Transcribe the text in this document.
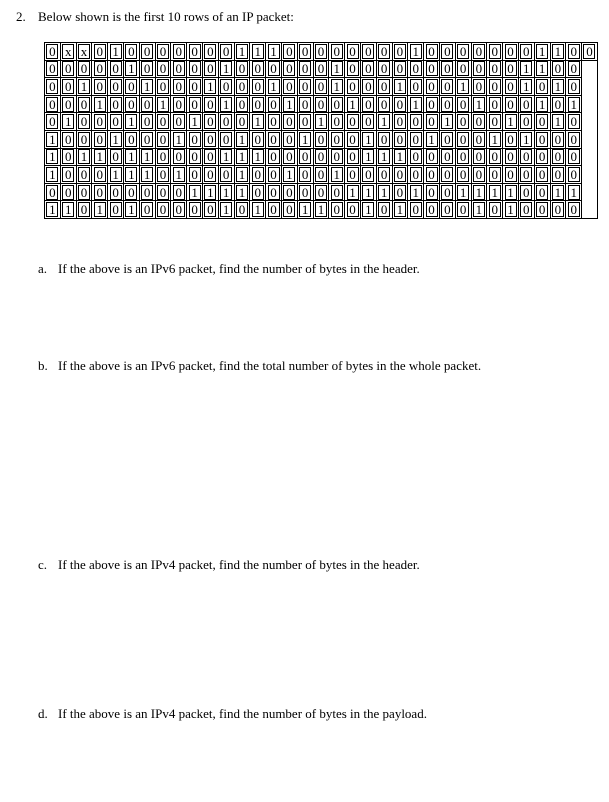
2. Below shown is the first 10 rows of an IP packet:
0	x	x	0	1	0	0	0	0	0	0	0	1	1	1	0	0	0	0	0	0	0	0	1	0	0	0	0	0	0	0	1	1	0	0
0	0	0	0	0	1	0	0	0	0	0	1	0	0	0	0	0	0	1	0	0	0	0	0	0	0	0	0	0	0	1	1	0	0	
0	0	1	0	0	0	1	0	0	0	1	0	0	0	1	0	0	0	1	0	0	0	1	0	0	0	1	0	0	0	1	0	1	0	
0	0	0	1	0	0	0	1	0	0	0	1	0	0	0	1	0	0	0	1	0	0	0	1	0	0	0	1	0	0	0	1	0	1	
0	1	0	0	0	1	0	0	0	1	0	0	0	1	0	0	0	1	0	0	0	1	0	0	0	1	0	0	0	1	0	0	1	0	
1	0	0	0	1	0	0	0	1	0	0	0	1	0	0	0	1	0	0	0	1	0	0	0	1	0	0	0	1	0	1	0	0	0	
1	0	1	1	0	1	1	0	0	0	0	1	1	1	0	0	0	0	0	0	1	1	1	0	0	0	0	0	0	0	0	0	0	0	
1	0	0	0	1	1	1	0	1	0	0	0	1	0	0	1	0	0	1	0	0	0	0	0	0	0	0	0	0	0	0	0	0	0	
0	0	0	0	0	0	0	0	0	1	1	1	1	0	0	0	0	0	0	1	1	1	0	1	0	0	1	1	1	1	0	0	1	1	
1	1	0	1	0	1	0	0	0	0	0	1	0	1	0	0	1	1	0	0	1	0	1	0	0	0	0	1	0	1	0	0	0	0	
a. If the above is an IPv6 packet, find the number of bytes in the header.
b. If the above is an IPv6 packet, find the total number of bytes in the whole packet.
c. If the above is an IPv4 packet, find the number of bytes in the header.
d. If the above is an IPv4 packet, find the number of bytes in the payload.
